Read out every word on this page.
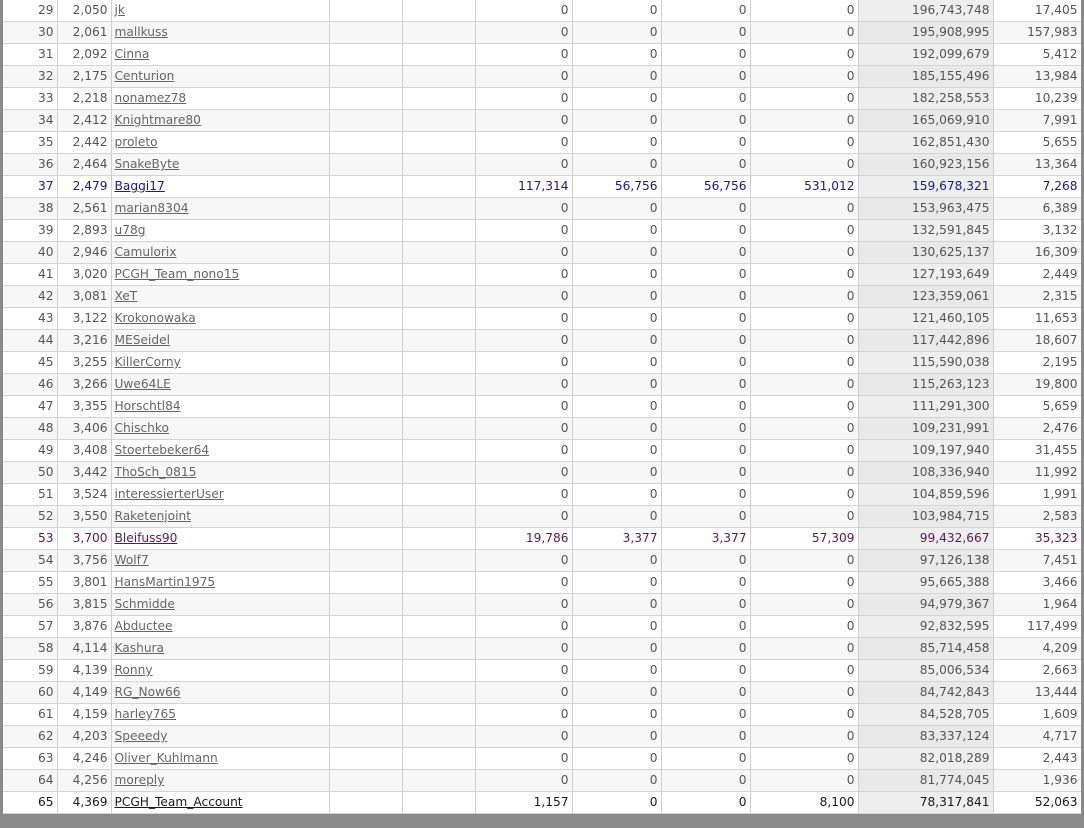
29	2,050	jk			0	0	0	0	196,743,748	17,405
30	2,061	mallkuss			0	0	0	0	195,908,995	157,983
31	2,092	Cinna			0	0	0	0	192,099,679	5,412
32	2,175	Centurion			0	0	0	0	185,155,496	13,984
33	2,218	nonamez78			0	0	0	0	182,258,553	10,239
34	2,412	Knightmare80			0	0	0	0	165,069,910	7,991
35	2,442	proleto			0	0	0	0	162,851,430	5,655
36	2,464	SnakeByte			0	0	0	0	160,923,156	13,364
37	2,479	Baggi17			117,314	56,756	56,756	531,012	159,678,321	7,268
38	2,561	marian8304			0	0	0	0	153,963,475	6,389
39	2,893	u78g			0	0	0	0	132,591,845	3,132
40	2,946	Camulorix			0	0	0	0	130,625,137	16,309
41	3,020	PCGH_Team_nono15			0	0	0	0	127,193,649	2,449
42	3,081	XeT			0	0	0	0	123,359,061	2,315
43	3,122	Krokonowaka			0	0	0	0	121,460,105	11,653
44	3,216	MESeidel			0	0	0	0	117,442,896	18,607
45	3,255	KillerCorny			0	0	0	0	115,590,038	2,195
46	3,266	Uwe64LE			0	0	0	0	115,263,123	19,800
47	3,355	Horschtl84			0	0	0	0	111,291,300	5,659
48	3,406	Chischko			0	0	0	0	109,231,991	2,476
49	3,408	Stoertebeker64			0	0	0	0	109,197,940	31,455
50	3,442	ThoSch_0815			0	0	0	0	108,336,940	11,992
51	3,524	interessierterUser			0	0	0	0	104,859,596	1,991
52	3,550	Raketenjoint			0	0	0	0	103,984,715	2,583
53	3,700	Bleifuss90			19,786	3,377	3,377	57,309	99,432,667	35,323
54	3,756	Wolf7			0	0	0	0	97,126,138	7,451
55	3,801	HansMartin1975			0	0	0	0	95,665,388	3,466
56	3,815	Schmidde			0	0	0	0	94,979,367	1,964
57	3,876	Abductee			0	0	0	0	92,832,595	117,499
58	4,114	Kashura			0	0	0	0	85,714,458	4,209
59	4,139	Ronny			0	0	0	0	85,006,534	2,663
60	4,149	RG_Now66			0	0	0	0	84,742,843	13,444
61	4,159	harley765			0	0	0	0	84,528,705	1,609
62	4,203	Speeedy			0	0	0	0	83,337,124	4,717
63	4,246	Oliver_Kuhlmann			0	0	0	0	82,018,289	2,443
64	4,256	moreply			0	0	0	0	81,774,045	1,936
65	4,369	PCGH_Team_Account			1,157	0	0	8,100	78,317,841	52,063
